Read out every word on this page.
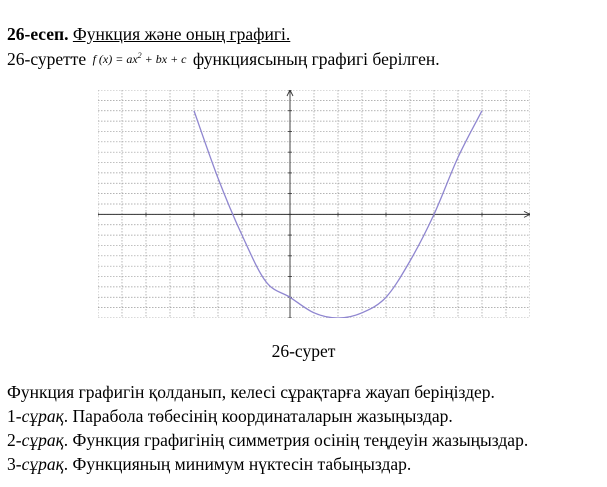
26-есеп. Функция және оның графигі.
26-суретте f $(x) = ax^2$ + bx + c функциясының графигі берілген.
26-сурет
Функция графигін қолданып, келесі сұрақтарға жауап беріңіздер.
1-сұрақ. Парабола төбесінің координаталарын жазыңыздар.
2-сұрақ. Функция графигінің симметрия осінің теңдеуін жазыңыздар.
3-сұрақ. Функцияның минимум нүктесін табыңыздар.
